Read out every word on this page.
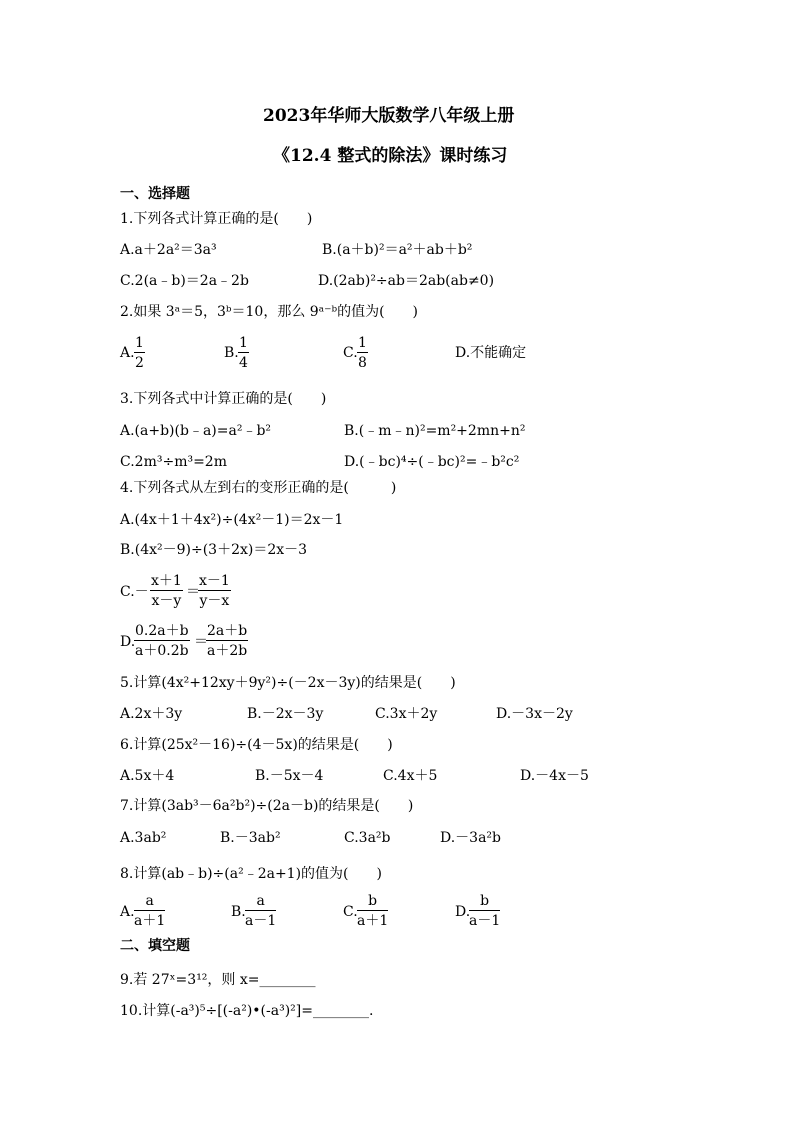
2023年华师大版数学八年级上册
《12.4 整式的除法》课时练习
一、选择题
1.下列各式计算正确的是(　　)
A.a＋2a²＝3a³	B.(a＋b)²＝a²＋ab＋b²
C.2(a﹣b)＝2a﹣2b	D.(2ab)²÷ab＝2ab(ab≠0)
2.如果 3ᵃ＝5，3ᵇ＝10，那么 9ᵃ⁻ᵇ的值为(　　)
A. $\frac{1}{2}$	B. $\frac{1}{4}$	C. $\frac{1}{8}$	D.不能确定
3.下列各式中计算正确的是(　　)
A.(a+b)(b﹣a)=a²﹣b²	B.(﹣m﹣n)²=m²+2mn+n²
C.2m³÷m³=2m	D.(﹣bc)⁴÷(﹣bc)²=﹣b²c²
4.下列各式从左到右的变形正确的是(　　　)
A.(4x＋1＋4x²)÷(4x²－1)＝2x－1
B.(4x²－9)÷(3＋2x)＝2x－3
$C.- \frac{x+1}{x-y}$ ＝
$\frac{x-1}{y-x}$
D.
$\frac{0.2a+b}{a+0.2b}$ ＝
$\frac{2a+b}{a+2b}$
5.计算(4x²+12xy＋9y²)÷(－2x－3y)的结果是(　　)
A.2x＋3y	B.－2x－3y	C.3x＋2y	D.－3x－2y
6.计算(25x²－16)÷(4－5x)的结果是(　　)
A.5x＋4	B.－5x－4	C.4x＋5	D.－4x－5
7.计算(3ab³－6a²b²)÷(2a－b)的结果是(　　)
A.3ab²	B.－3ab²	C.3a²b	D.－3a²b
8.计算(ab﹣b)÷(a²﹣2a+1)的值为(　　)
A. $\frac{a}{a+1}$	B. $\frac{a}{a-1}$	C. $\frac{b}{a+1}$	D.
$\frac{b}{a-1}$
二、填空题
9.若 27ˣ=3¹²，则 x=________
10.计算(-a³)⁵÷[(-a²)•(-a³)²]=________.
